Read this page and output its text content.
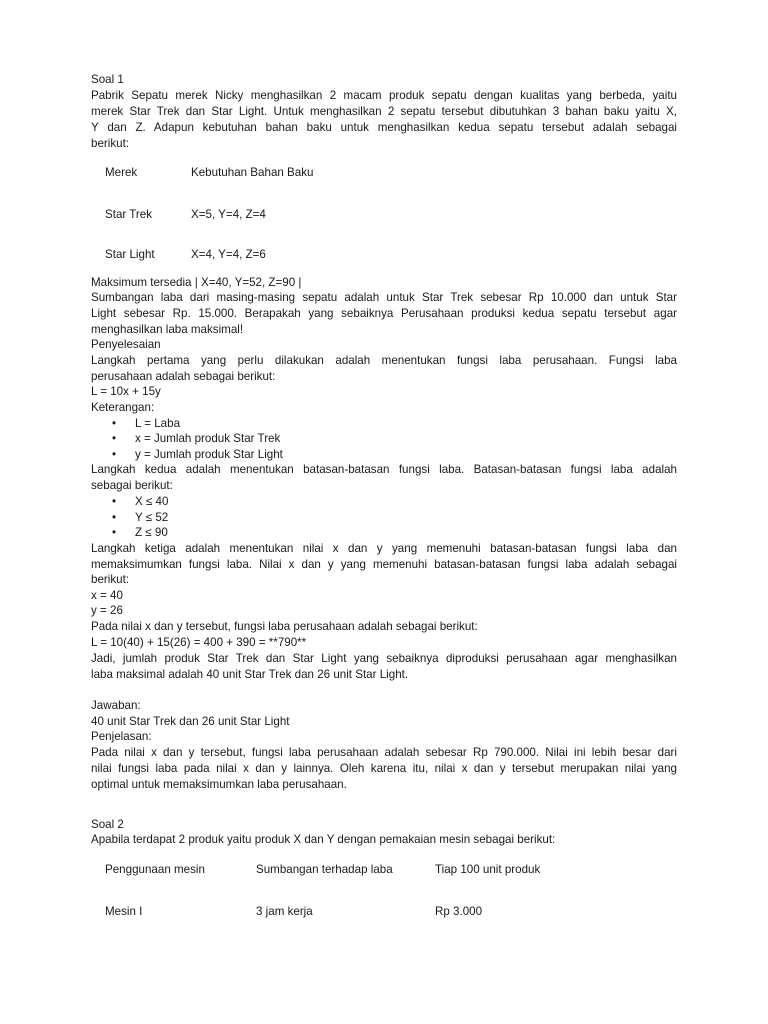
Soal 1
Pabrik Sepatu merek Nicky menghasilkan 2 macam produk sepatu dengan kualitas yang berbeda, yaitu
merek Star Trek dan Star Light. Untuk menghasilkan 2 sepatu tersebut dibutuhkan 3 bahan baku yaitu X,
Y dan Z. Adapun kebutuhan bahan baku untuk menghasilkan kedua sepatu tersebut adalah sebagai
berikut:
Merek	Kebutuhan Bahan Baku
Star Trek	X=5, Y=4, Z=4
Star Light	X=4, Y=4, Z=6
Maksimum tersedia | X=40, Y=52, Z=90 |
Sumbangan laba dari masing-masing sepatu adalah untuk Star Trek sebesar Rp 10.000 dan untuk Star
Light sebesar Rp. 15.000. Berapakah yang sebaiknya Perusahaan produksi kedua sepatu tersebut agar
menghasilkan laba maksimal!
Penyelesaian
Langkah pertama yang perlu dilakukan adalah menentukan fungsi laba perusahaan. Fungsi laba
perusahaan adalah sebagai berikut:
L = 10x + 15y
Keterangan:
• L = Laba
• x = Jumlah produk Star Trek
• y = Jumlah produk Star Light
Langkah kedua adalah menentukan batasan-batasan fungsi laba. Batasan-batasan fungsi laba adalah
sebagai berikut:
• X ≤ 40
• Y ≤ 52
• Z ≤ 90
Langkah ketiga adalah menentukan nilai x dan y yang memenuhi batasan-batasan fungsi laba dan
memaksimumkan fungsi laba. Nilai x dan y yang memenuhi batasan-batasan fungsi laba adalah sebagai
berikut:
x = 40
y = 26
Pada nilai x dan y tersebut, fungsi laba perusahaan adalah sebagai berikut:
L = 10(40) + 15(26) = 400 + 390 = **790**
Jadi, jumlah produk Star Trek dan Star Light yang sebaiknya diproduksi perusahaan agar menghasilkan
laba maksimal adalah 40 unit Star Trek dan 26 unit Star Light.
Jawaban:
40 unit Star Trek dan 26 unit Star Light
Penjelasan:
Pada nilai x dan y tersebut, fungsi laba perusahaan adalah sebesar Rp 790.000. Nilai ini lebih besar dari
nilai fungsi laba pada nilai x dan y lainnya. Oleh karena itu, nilai x dan y tersebut merupakan nilai yang
optimal untuk memaksimumkan laba perusahaan.
Soal 2
Apabila terdapat 2 produk yaitu produk X dan Y dengan pemakaian mesin sebagai berikut:
Penggunaan mesin	Sumbangan terhadap laba	Tiap 100 unit produk
Mesin I	3 jam kerja	Rp 3.000
